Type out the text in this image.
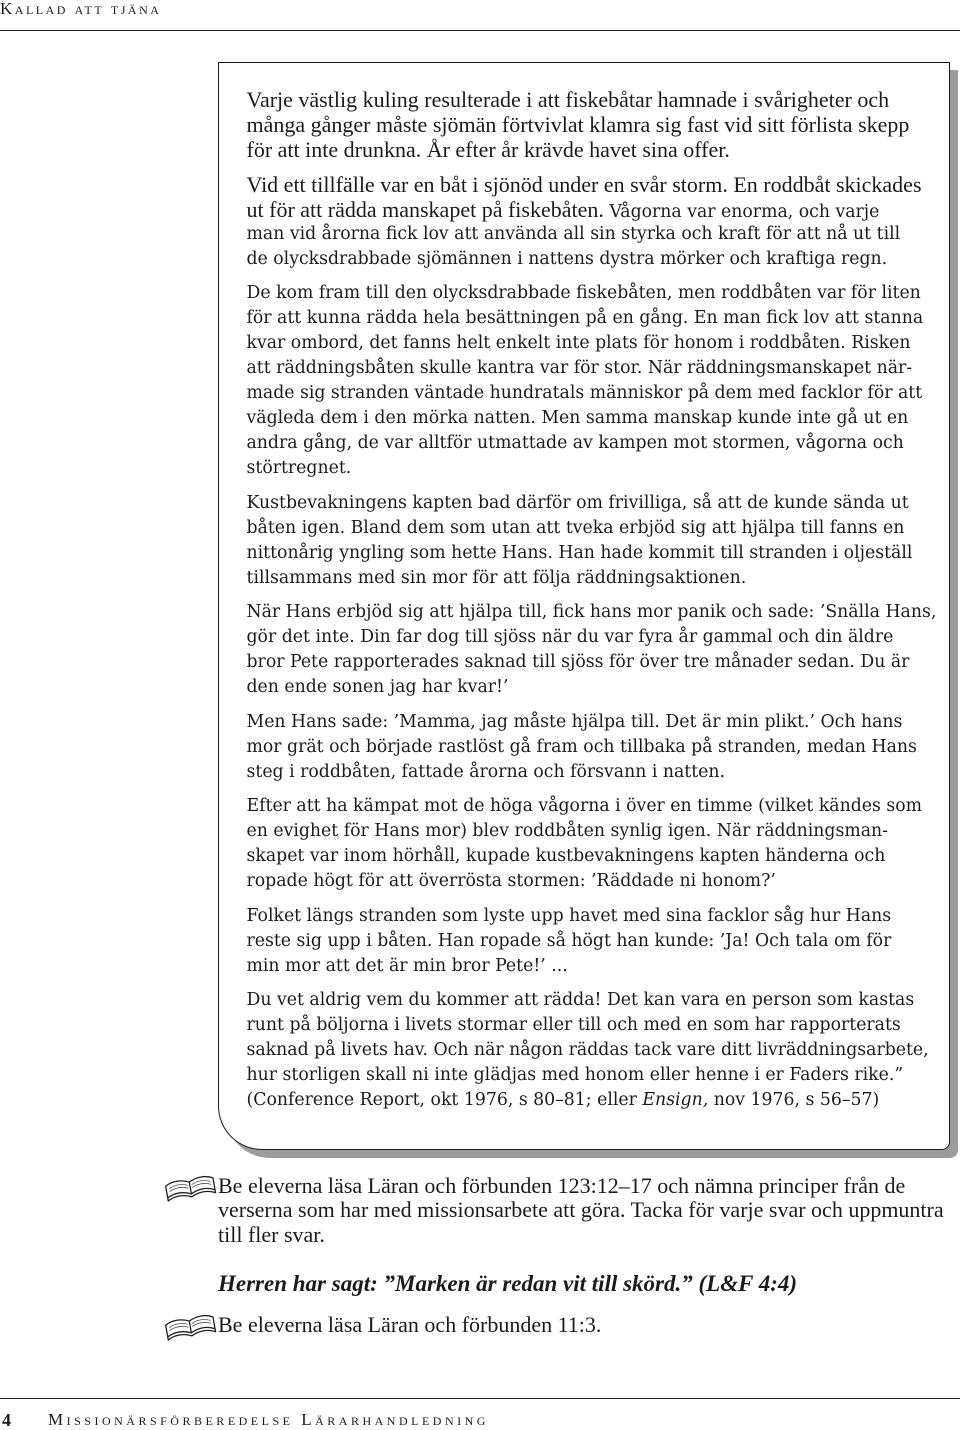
Kallad att tjäna
Varje västlig kuling resulterade i att fiskebåtar hamnade i svårigheter och
många gånger måste sjömän förtvivlat klamra sig fast vid sitt förlista skepp
för att inte drunkna. År efter år krävde havet sina offer.
Vid ett tillfälle var en båt i sjönöd under en svår storm. En roddbåt skickades
ut för att rädda manskapet på fiskebåten. Vågorna var enorma, och varje
man vid årorna fick lov att använda all sin styrka och kraft för att nå ut till
de olycksdrabbade sjömännen i nattens dystra mörker och kraftiga regn.
De kom fram till den olycksdrabbade fiskebåten, men roddbåten var för liten
för att kunna rädda hela besättningen på en gång. En man fick lov att stanna
kvar ombord, det fanns helt enkelt inte plats för honom i roddbåten. Risken
att räddningsbåten skulle kantra var för stor. När räddningsmanskapet när-
made sig stranden väntade hundratals människor på dem med facklor för att
vägleda dem i den mörka natten. Men samma manskap kunde inte gå ut en
andra gång, de var alltför utmattade av kampen mot stormen, vågorna och
störtregnet.
Kustbevakningens kapten bad därför om frivilliga, så att de kunde sända ut
båten igen. Bland dem som utan att tveka erbjöd sig att hjälpa till fanns en
nittonårig yngling som hette Hans. Han hade kommit till stranden i oljeställ
tillsammans med sin mor för att följa räddningsaktionen.
När Hans erbjöd sig att hjälpa till, fick hans mor panik och sade: ’Snälla Hans,
gör det inte. Din far dog till sjöss när du var fyra år gammal och din äldre
bror Pete rapporterades saknad till sjöss för över tre månader sedan. Du är
den ende sonen jag har kvar!’
Men Hans sade: ’Mamma, jag måste hjälpa till. Det är min plikt.’ Och hans
mor grät och började rastlöst gå fram och tillbaka på stranden, medan Hans
steg i roddbåten, fattade årorna och försvann i natten.
Efter att ha kämpat mot de höga vågorna i över en timme (vilket kändes som
en evighet för Hans mor) blev roddbåten synlig igen. När räddningsman-
skapet var inom hörhåll, kupade kustbevakningens kapten händerna och
ropade högt för att överrösta stormen: ’Räddade ni honom?’
Folket längs stranden som lyste upp havet med sina facklor såg hur Hans
reste sig upp i båten. Han ropade så högt han kunde: ’Ja! Och tala om för
min mor att det är min bror Pete!’ ...
Du vet aldrig vem du kommer att rädda! Det kan vara en person som kastas
runt på böljorna i livets stormar eller till och med en som har rapporterats
saknad på livets hav. Och när någon räddas tack vare ditt livräddningsarbete,
hur storligen skall ni inte glädjas med honom eller henne i er Faders rike.”
(Conference Report, okt 1976, s 80–81; eller Ensign, nov 1976, s 56–57)
Be eleverna läsa Läran och förbunden 123:12–17 och nämna principer från de
verserna som har med missionsarbete att göra. Tacka för varje svar och uppmuntra
till fler svar.
Herren har sagt: ”Marken är redan vit till skörd.” (L&F 4:4)
Be eleverna läsa Läran och förbunden 11:3.
4 Missionärsförberedelse Lärarhandledning
